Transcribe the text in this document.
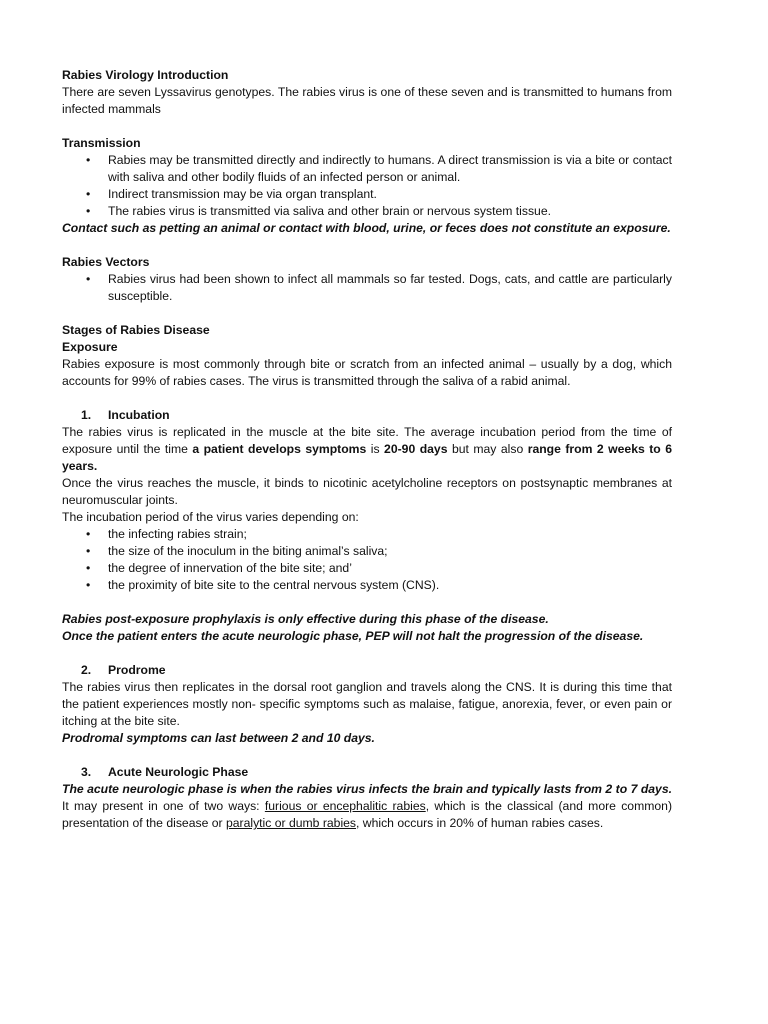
Rabies Virology Introduction

There are seven Lyssavirus genotypes. The rabies virus is one of these seven and is transmitted to humans from infected mammals

Transmission
• Rabies may be transmitted directly and indirectly to humans. A direct transmission is via a bite or contact with saliva and other bodily fluids of an infected person or animal.
• Indirect transmission may be via organ transplant.
• The rabies virus is transmitted via saliva and other brain or nervous system tissue.

Contact such as petting an animal or contact with blood, urine, or feces does not constitute an exposure.

Rabies Vectors
• Rabies virus had been shown to infect all mammals so far tested. Dogs, cats, and cattle are particularly susceptible.
Stages of Rabies Disease
Exposure

Rabies exposure is most commonly through bite or scratch from an infected animal – usually by a dog, which accounts for 99% of rabies cases. The virus is transmitted through the saliva of a rabid animal.

1. Incubation

The rabies virus is replicated in the muscle at the bite site. The average incubation period from the time of exposure until the time a patient develops symptoms is 20-90 days but may also range from 2 weeks to 6 years.

Once the virus reaches the muscle, it binds to nicotinic acetylcholine receptors on postsynaptic membranes at neuromuscular joints.

The incubation period of the virus varies depending on:

• the infecting rabies strain;
• the size of the inoculum in the biting animal’s saliva;
• the degree of innervation of the bite site; and’
• the proximity of bite site to the central nervous system (CNS).

Rabies post-exposure prophylaxis is only effective during this phase of the disease.

Once the patient enters the acute neurologic phase, PEP will not halt the progression of the disease.

2. Prodrome

The rabies virus then replicates in the dorsal root ganglion and travels along the CNS. It is during this time that the patient experiences mostly non- specific symptoms such as malaise, fatigue, anorexia, fever, or even pain or itching at the bite site.

Prodromal symptoms can last between 2 and 10 days.

3. Acute Neurologic Phase

The acute neurologic phase is when the rabies virus infects the brain and typically lasts from 2 to 7 days. It may present in one of two ways: furious or encephalitic rabies, which is the classical (and more common) presentation of the disease or paralytic or dumb rabies, which occurs in 20% of human rabies cases.
